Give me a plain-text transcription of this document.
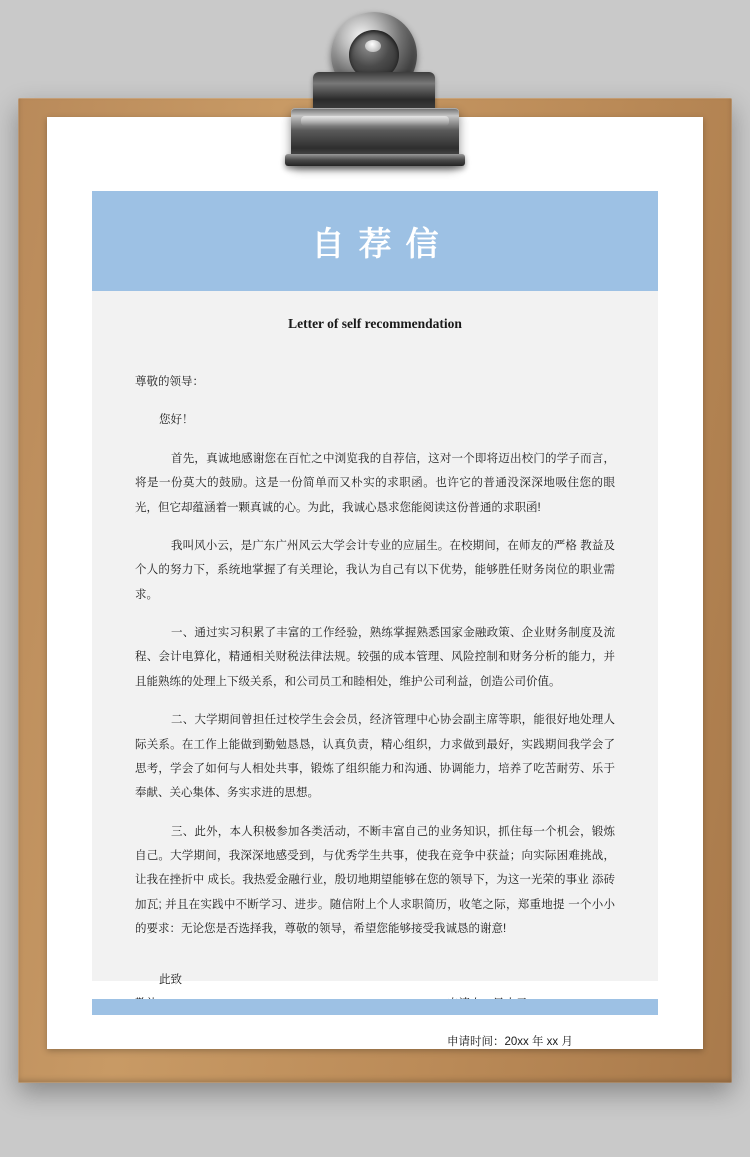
自荐信
Letter of self recommendation

尊敬的领导：

您好！

首先，真诚地感谢您在百忙之中浏览我的自荐信，这对一个即将迈出校门的学子而言，将是一份莫大的鼓励。这是一份简单而又朴实的求职函。也许它的普通没深深地吸住您的眼光，但它却蕴涵着一颗真诚的心。为此，我诚心恳求您能阅读这份普通的求职函!

我叫风小云，是广东广州风云大学会计专业的应届生。在校期间，在师友的严格 教益及个人的努力下，系统地掌握了有关理论，我认为自己有以下优势，能够胜任财务岗位的职业需求。

一、通过实习积累了丰富的工作经验，熟练掌握熟悉国家金融政策、企业财务制度及流程、会计电算化，精通相关财税法律法规。较强的成本管理、风险控制和财务分析的能力，并且能熟练的处理上下级关系，和公司员工和睦相处，维护公司利益，创造公司价值。

二、大学期间曾担任过校学生会会员，经济管理中心协会副主席等职，能很好地处理人际关系。在工作上能做到勤勉恳恳，认真负责，精心组织，力求做到最好，实践期间我学会了思考，学会了如何与人相处共事，锻炼了组织能力和沟通、协调能力，培养了吃苦耐劳、乐于奉献、关心集体、务实求进的思想。

三、此外，本人积极参加各类活动，不断丰富自己的业务知识，抓住每一个机会，锻炼自己。大学期间，我深深地感受到，与优秀学生共事，使我在竞争中获益；向实际困难挑战，让我在挫折中 成长。我热爱金融行业，殷切地期望能够在您的领导下，为这一光荣的事业 添砖加瓦; 并且在实践中不断学习、进步。随信附上个人求职简历，收笔之际，郑重地提 一个小小的要求：无论您是否选择我，尊敬的领导，希望您能够接受我诚恳的谢意!

此致
申请时间：20xx 年 xx 月
